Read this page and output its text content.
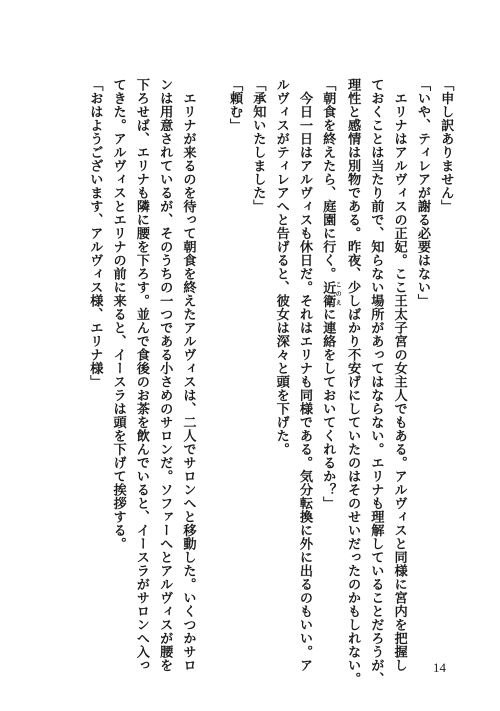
「申し訳ありません」
「いや、ティレアが謝る必要はない」
　エリナはアルヴィスの正妃。ここ王太子宮の女主人でもある。アルヴィスと同様に宮内を把握し
ておくことは当たり前で、知らない場所があってはならない。エリナも理解していることだろうが、
理性と感情は別物である。昨夜、少しばかり不安げにしていたのはそのせいだったのかもしれない。
「朝食を終えたら、庭園に行く。近衛 このえに連絡をしておいてくれるか？」
　今日一日はアルヴィスも休日だ。それはエリナも同様である。気分転換に外に出るのもいい。ア
ルヴィスがティレアへと告げると、彼女は深々と頭を下げた。
「承知いたしました」
「頼む」

　エリナが来るのを待って朝食を終えたアルヴィスは、二人でサロンへと移動した。いくつかサロ
ンは用意されているが、そのうちの一つである小さめのサロンだ。ソファーへとアルヴィスが腰を
下ろせば、エリナも隣に腰を下ろす。並んで食後のお茶を飲んでいると、イースラがサロンへ入っ
てきた。アルヴィスとエリナの前に来ると、イースラは頭を下げて挨拶する。
「おはようございます、アルヴィス様、エリナ様」
14
